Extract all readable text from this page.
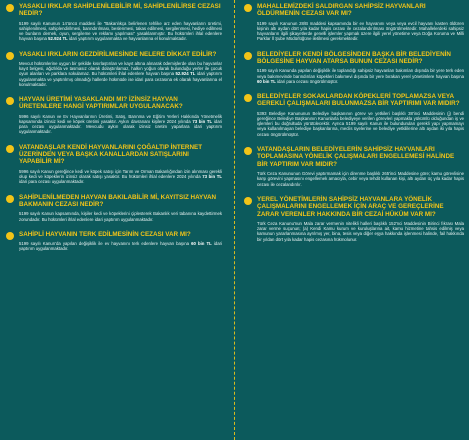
YASAKLI IRKLAR SAHİPLENİLEBİLİR Mİ, SAHİPLENİLİRSE CEZASI NEDİR?

5199 sayılı Kanunun 14'üncü maddesi ile "Bakanlıkça belirlenen tehlike arz eden hayvanların üretimi, sahiplenilmesi, sahiplendirilmesi, barındırılması, beslenmesi, takas edilmesi, sergilenmesi, hediye edilmesi ve bunların dernek, oyun, sergileme ve reklamı yapılması" yasaklanmıştır. Bu hükümleri ihlal edenlere hayvan başına 52.924 TL idari yaptırım uygulanmakta ve hayvanlarına el konulmaktadır.

YASAKLI IRKLARIN GEZDİRİLMESİNDE NELERE DİKKAT EDİLİR?

Mevcut hükümlerine uygun bir şekilde kısırlaştırılan ve kayıt altına alınarak ödemişlerde olan bu hayvanlar kayıt belgesi, ağızlıkla ve tasmasız olarak dolaştırılamaz, halkın yoğun olarak bulunduğu yerler ile çocuk oyun alanları ve parklara sokulamaz. Bu hükümleri ihlal edenlere hayvan başına 52.924 TL idari yaptırım uygulanmakta ve yaptırılmış olmadığı hallerde hükmüde ise idari para cezasına ek olarak hayvanlarına el konulmaktadır.

HAYVAN ÜRETİMİ YASAKLANDI MI? İZİNSİZ HAYVAN ÜRETENLERE HANGİ YAPTIRIMLAR UYGULANACAK?

5996 sayılı Kanun ve Ev Hayvanlarının Üretimi, Satış, Barınma ve Eğitim Yerleri Hakkında Yönetmelik kapsamında izinsiz kedi ve köpek üretimi yasaktır. Aykırı davrananı kişilere 2024 yılında 73 bin TL idari para cezası uygulanmaktadır. Mevcudu aykırı olarak izinsiz üretim yaparlara idari yaptırım uygulanmaktadır.

VATANDAŞLAR KENDİ HAYVANLARINI ÇOĞALTIP İNTERNET ÜZERİNDEN VEYA BAŞKA KANALLARDAN SATIŞLARINI YAPABİLİR Mİ?

5996 sayılı Kanun gereğince kedi ve köpek satışı için Tarım ve Orman Bakanlığından izin alınması gerekli olup kedi ve köpeklerin izinsiz olarak satışı yasaktır. Bu hükümleri ihlal edenlere 2024 yılında 73 bin TL idari para cezası uygulanmaktadır.

SAHİPLENİLMEDEN HAYVAN BAKILABİLİR Mİ, KAYITSIZ HAYVAN BAKMANIN CEZASI NEDİR?

5199 sayılı Kanun kapsamında, kişiler kedi ve köpeklerini çiplesterek Bakanlık veri tabanına kaydettirmek zorundadır. Bu hükümleri ihlal edenlere idari yaptırım uygulanmaktadır.

SAHİPLİ HAYVANIN TERK EDİLMESİNİN CEZASI VAR MI?

5199 sayılı Kanun'da yapılan değişiklik ile ev hayvanını terk edenlere hayvan başına 60 bin TL idari yaptırım uygulanmaktadır.

MAHALLEMİZDEKİ SALDIRGAN SAHİPSİZ HAYVANLARI ÖLDÜRMENİN CEZASI VAR MI?

5199 sayılı Kanunun 28/B maddesi kapsamında bir ev hayvanını veya veya evcil hayvanı kasten öldüren kişinin altı aydan dört yıla kadar hapis cezası ile cezalandırılması öngörülmektedir. Mahallelerdeki sahipsiz hayvanların ilgili şikayetlerde genelli işlemler yapmak üzere ilgili yerel yönetime veya Doğa Koruma ve Milli Parklar İl Şube Müdürlüğüne iletilmesi gerekmektedir.

BELEDİYELER KENDİ BÖLGESİNDEN BAŞKA BİR BELEDİYENİN BÖLGESİNE HAYVAN ATARSA BUNUN CEZASI NEDİR?

5199 sayılı Kanunda yapılan değişiklik ile toplandığı sahipsiz hayvanları bakımları dışında bir yere terk eden veya bakımevinde barındırılan köpekleri bakımevi dışında bir yere bırakan yerel yönetimlere hayvan başına 60 bin TL idari para cezası öngörülmüştür.

BELEDİYELER SOKAKLARDAN KÖPEKLERİ TOPLAMAZSA VEYA GEREKLİ ÇALIŞMALARI BULUNMAZSA BİR YAPTIRIMI VAR MIDIR?

5393 Belediye Kanununun Belediye başkanının görev ve yetkileri başlıklı 38'inci Maddesinin (j) bendi gereğince Belediye Başkanının Kanunlarla belediyeye verilen görevleri yapmakla yükümlü olduğundan iş ve işlemleri bu doğrultuda yürütülecektir. Ayrıca 5199 sayılı Kanun ile bulundurulan gerekli yapı yapmamayı veya kullanılmayan belediye başkanlarına, meclis üyelerine ve belediye yetkililerine altı aydan iki yıla hapis cezası öngörülmüştür.

VATANDAŞLARIN BELEDİYELERİN SAHİPSİZ HAYVANLARI TOPLAMASINA YÖNELİK ÇALIŞMALARI ENGELLEMESİ HALİNDE BİR YAPTIRIM VAR MIDIR?

Türk Ceza Kanununun Görevi yaptırmamak için direnme başlıklı 265'inci Maddesine göre; kamu görevlisine karşı görevini yapmasını engellemek amacıyla, cebir veya tehdit kullanan kişi, altı aydan üç yıla kadar hapis cezası ile cezalandırılır.

YEREL YÖNETİMLERİN SAHİPSİZ HAYVANLARA YÖNELİK ÇALIŞMALARINI ENGELLEMEK İÇİN ARAÇ VE GEREÇLERİNE ZARAR VERENLER HAKKINDA BİR CEZAİ HÜKÜM VAR MI?

Türk Ceza Kanunu'nun Mala zarar vermenin nitelikli halleri başlıklı 152'nci Maddesinin Birinci fıkrası Mala zarar verme suçunun; (a) Kendi Kamu kurum ve kuruluşlarına ait, kamu hizmetine tahsis edilmiş veya kamunun yararlanmasına ayrılmış yer, bina, tesis veya diğer eşya hakkında işlenmesi halinde, fail hakkında bir yıldan dört yıla kadar hapis cezasına hükmolunur.
